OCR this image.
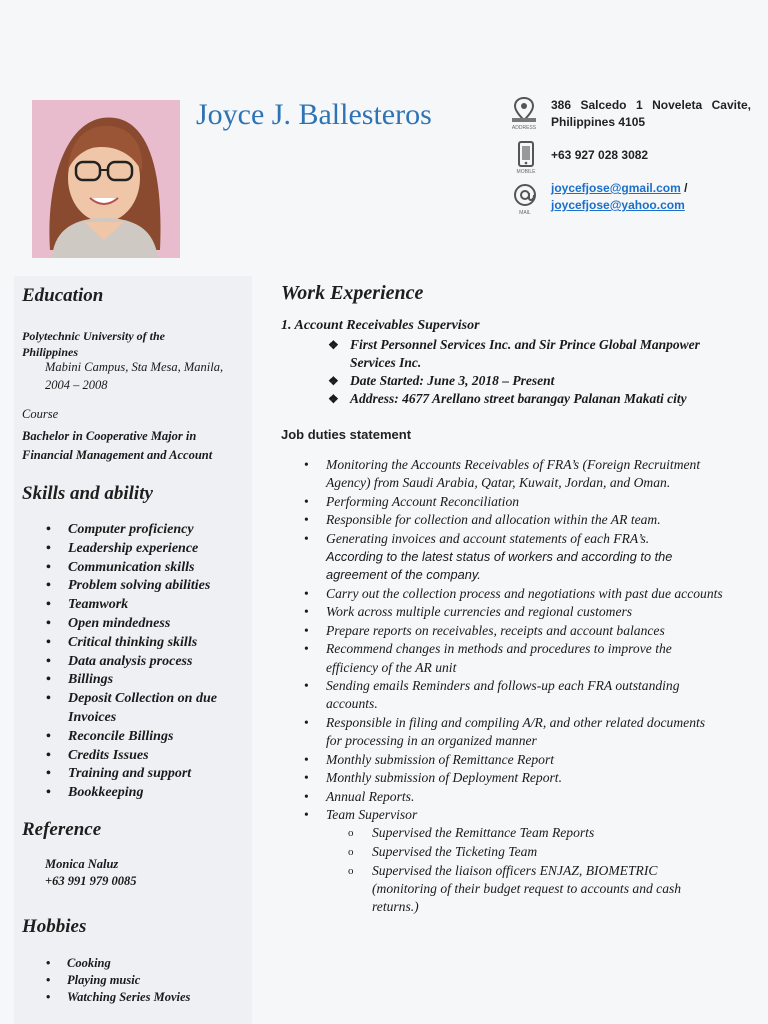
Joyce J. Ballesteros	ADDRESS
386 Salcedo 1 Noveleta Cavite, Philippines 4105
MOBILE
+63 927 028 3082
MAIL
joycefjose@gmail.com /
joycefjose@yahoo.com
Education
Polytechnic University of the Philippines
Mabini Campus, Sta Mesa, Manila,
2004 – 2008
Course
Bachelor in Cooperative Major in Financial Management and Account
Skills and ability
• Computer proficiency
• Leadership experience
• Communication skills
• Problem solving abilities
• Teamwork
• Open mindedness
• Critical thinking skills
• Data analysis process
• Billings
• Deposit Collection on due Invoices
• Reconcile Billings
• Credits Issues
• Training and support
• Bookkeeping
Reference
Monica Naluz
+63 991 979 0085
Hobbies
• Cooking
• Playing music
• Watching Series Movies
Work Experience
1. Account Receivables Supervisor
❖ First Personnel Services Inc. and Sir Prince Global Manpower Services Inc.
❖ Date Started: June 3, 2018 – Present
❖ Address: 4677 Arellano street barangay Palanan Makati city
Job duties statement
• Monitoring the Accounts Receivables of FRA’s (Foreign Recruitment Agency) from Saudi Arabia, Qatar, Kuwait, Jordan, and Oman.
• Performing Account Reconciliation
• Responsible for collection and allocation within the AR team.
• Generating invoices and account statements of each FRA’s.
According to the latest status of workers and according to the agreement of the company.
• Carry out the collection process and negotiations with past due accounts
• Work across multiple currencies and regional customers
• Prepare reports on receivables, receipts and account balances
• Recommend changes in methods and procedures to improve the efficiency of the AR unit
• Sending emails Reminders and follows-up each FRA outstanding accounts.
• Responsible in filing and compiling A/R, and other related documents for processing in an organized manner
• Monthly submission of Remittance Report
• Monthly submission of Deployment Report.
• Annual Reports.
• Team Supervisor
o Supervised the Remittance Team Reports
o Supervised the Ticketing Team
o Supervised the liaison officers ENJAZ, BIOMETRIC (monitoring of their budget request to accounts and cash returns.)
